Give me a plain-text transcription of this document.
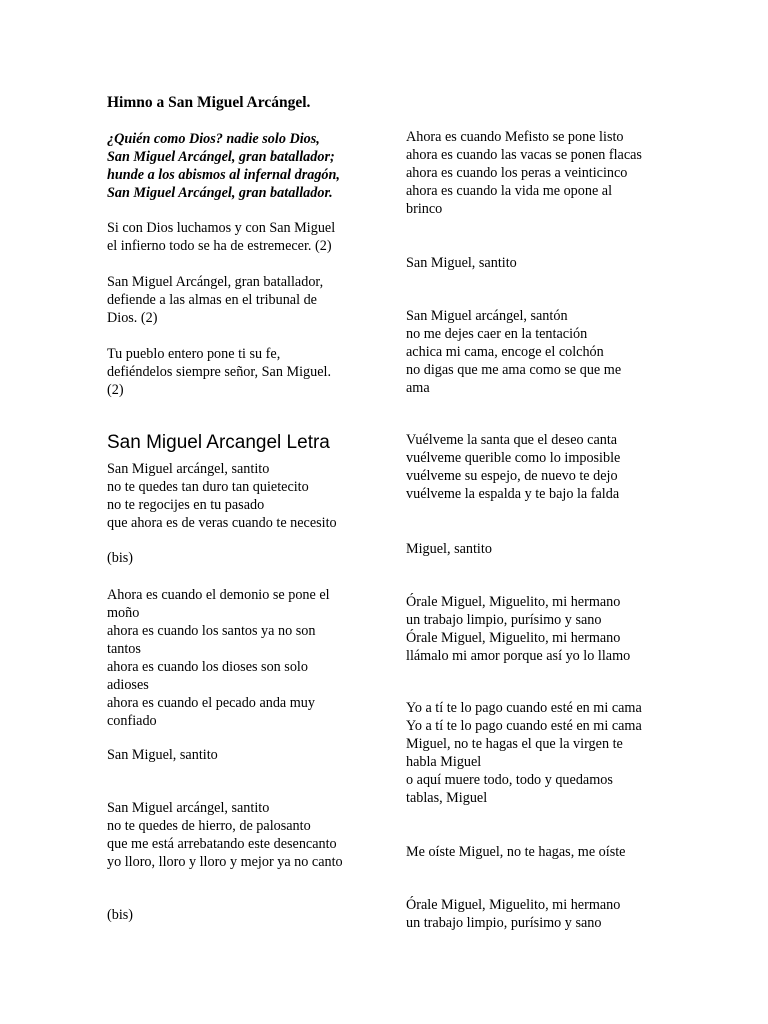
Himno a San Miguel Arcángel.
¿Quién como Dios? nadie solo Dios,
San Miguel Arcángel, gran batallador;
hunde a los abismos al infernal dragón,
San Miguel Arcángel, gran batallador.
Si con Dios luchamos y con San Miguel
el infierno todo se ha de estremecer. (2)
San Miguel Arcángel, gran batallador,
defiende a las almas en el tribunal de
Dios. (2)
Tu pueblo entero pone ti su fe,
defiéndelos siempre señor, San Miguel.
(2)
San Miguel Arcangel Letra
San Miguel arcángel, santito
no te quedes tan duro tan quietecito
no te regocijes en tu pasado
que ahora es de veras cuando te necesito
(bis)
Ahora es cuando el demonio se pone el
moño
ahora es cuando los santos ya no son
tantos
ahora es cuando los dioses son solo
adioses
ahora es cuando el pecado anda muy
confiado
San Miguel, santito
San Miguel arcángel, santito
no te quedes de hierro, de palosanto
que me está arrebatando este desencanto
yo lloro, lloro y lloro y mejor ya no canto
(bis)
Ahora es cuando Mefisto se pone listo
ahora es cuando las vacas se ponen flacas
ahora es cuando los peras a veinticinco
ahora es cuando la vida me opone al
brinco
San Miguel, santito
San Miguel arcángel, santón
no me dejes caer en la tentación
achica mi cama, encoge el colchón
no digas que me ama como se que me
ama
Vuélveme la santa que el deseo canta
vuélveme querible como lo imposible
vuélveme su espejo, de nuevo te dejo
vuélveme la espalda y te bajo la falda
Miguel, santito
Órale Miguel, Miguelito, mi hermano
un trabajo limpio, purísimo y sano
Órale Miguel, Miguelito, mi hermano
llámalo mi amor porque así yo lo llamo
Yo a tí te lo pago cuando esté en mi cama
Yo a tí te lo pago cuando esté en mi cama
Miguel, no te hagas el que la virgen te
habla Miguel
o aquí muere todo, todo y quedamos
tablas, Miguel
Me oíste Miguel, no te hagas, me oíste
Órale Miguel, Miguelito, mi hermano
un trabajo limpio, purísimo y sano
